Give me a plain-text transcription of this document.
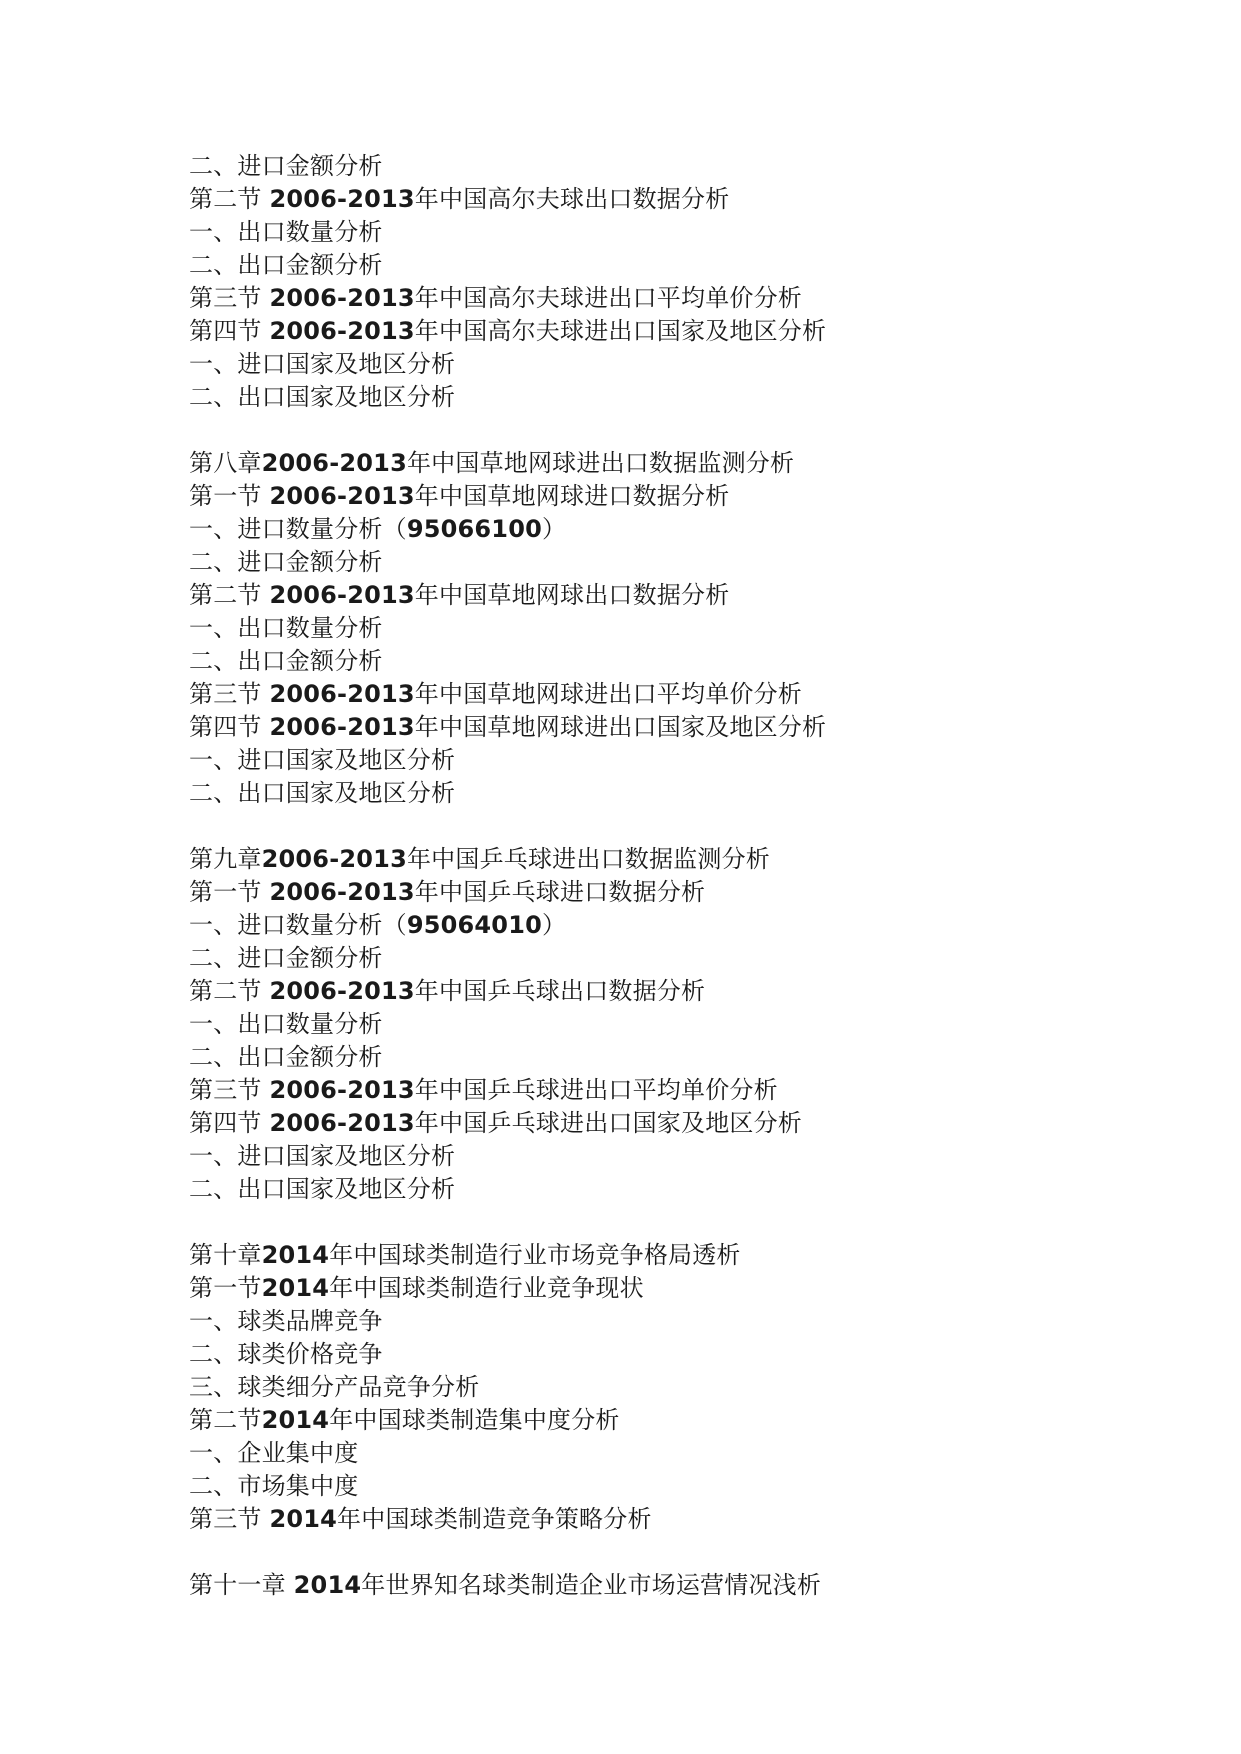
二、进口金额分析
第二节 2006-2013年中国高尔夫球出口数据分析
一、出口数量分析
二、出口金额分析
第三节 2006-2013年中国高尔夫球进出口平均单价分析
第四节 2006-2013年中国高尔夫球进出口国家及地区分析
一、进口国家及地区分析
二、出口国家及地区分析
第八章2006-2013年中国草地网球进出口数据监测分析
第一节 2006-2013年中国草地网球进口数据分析
一、进口数量分析（95066100）
二、进口金额分析
第二节 2006-2013年中国草地网球出口数据分析
一、出口数量分析
二、出口金额分析
第三节 2006-2013年中国草地网球进出口平均单价分析
第四节 2006-2013年中国草地网球进出口国家及地区分析
一、进口国家及地区分析
二、出口国家及地区分析
第九章2006-2013年中国乒乓球进出口数据监测分析
第一节 2006-2013年中国乒乓球进口数据分析
一、进口数量分析（95064010）
二、进口金额分析
第二节 2006-2013年中国乒乓球出口数据分析
一、出口数量分析
二、出口金额分析
第三节 2006-2013年中国乒乓球进出口平均单价分析
第四节 2006-2013年中国乒乓球进出口国家及地区分析
一、进口国家及地区分析
二、出口国家及地区分析
第十章2014年中国球类制造行业市场竞争格局透析
第一节2014年中国球类制造行业竞争现状
一、球类品牌竞争
二、球类价格竞争
三、球类细分产品竞争分析
第二节2014年中国球类制造集中度分析
一、企业集中度
二、市场集中度
第三节 2014年中国球类制造竞争策略分析
第十一章 2014年世界知名球类制造企业市场运营情况浅析
